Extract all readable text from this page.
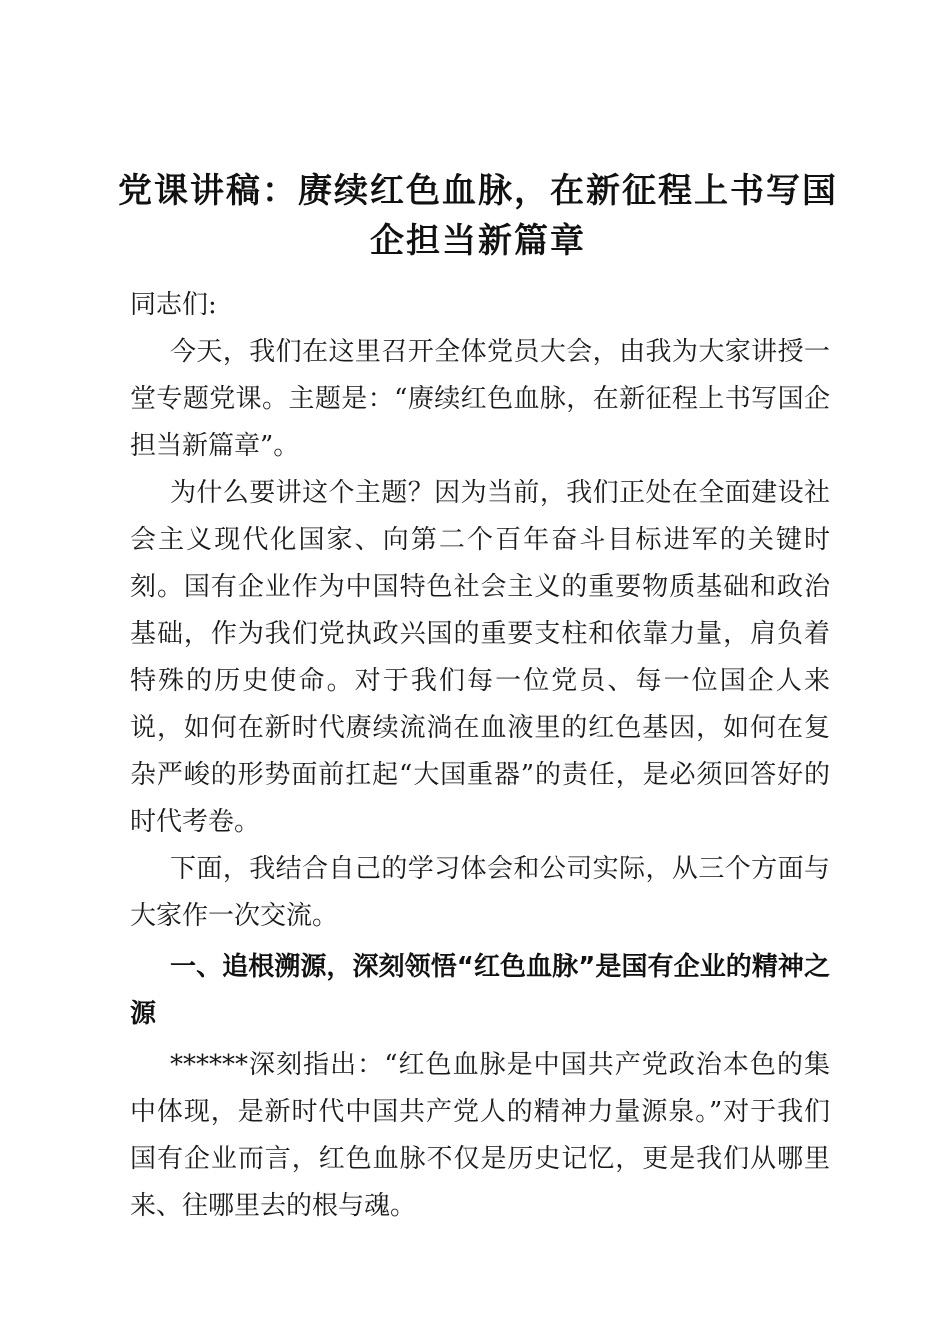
党课讲稿：赓续红色血脉，在新征程上书写国企担当新篇章

同志们:

今天，我们在这里召开全体党员大会，由我为大家讲授一堂专题党课。主题是：“赓续红色血脉，在新征程上书写国企担当新篇章”。

为什么要讲这个主题？因为当前，我们正处在全面建设社会主义现代化国家、向第二个百年奋斗目标进军的关键时刻。国有企业作为中国特色社会主义的重要物质基础和政治基础，作为我们党执政兴国的重要支柱和依靠力量，肩负着特殊的历史使命。对于我们每一位党员、每一位国企人来说，如何在新时代赓续流淌在血液里的红色基因，如何在复杂严峻的形势面前扛起“大国重器”的责任，是必须回答好的时代考卷。

下面，我结合自己的学习体会和公司实际，从三个方面与大家作一次交流。

一、追根溯源，深刻领悟“红色血脉”是国有企业的精神之源

******深刻指出：“红色血脉是中国共产党政治本色的集中体现，是新时代中国共产党人的精神力量源泉。”对于我们国有企业而言，红色血脉不仅是历史记忆，更是我们从哪里来、往哪里去的根与魂。
